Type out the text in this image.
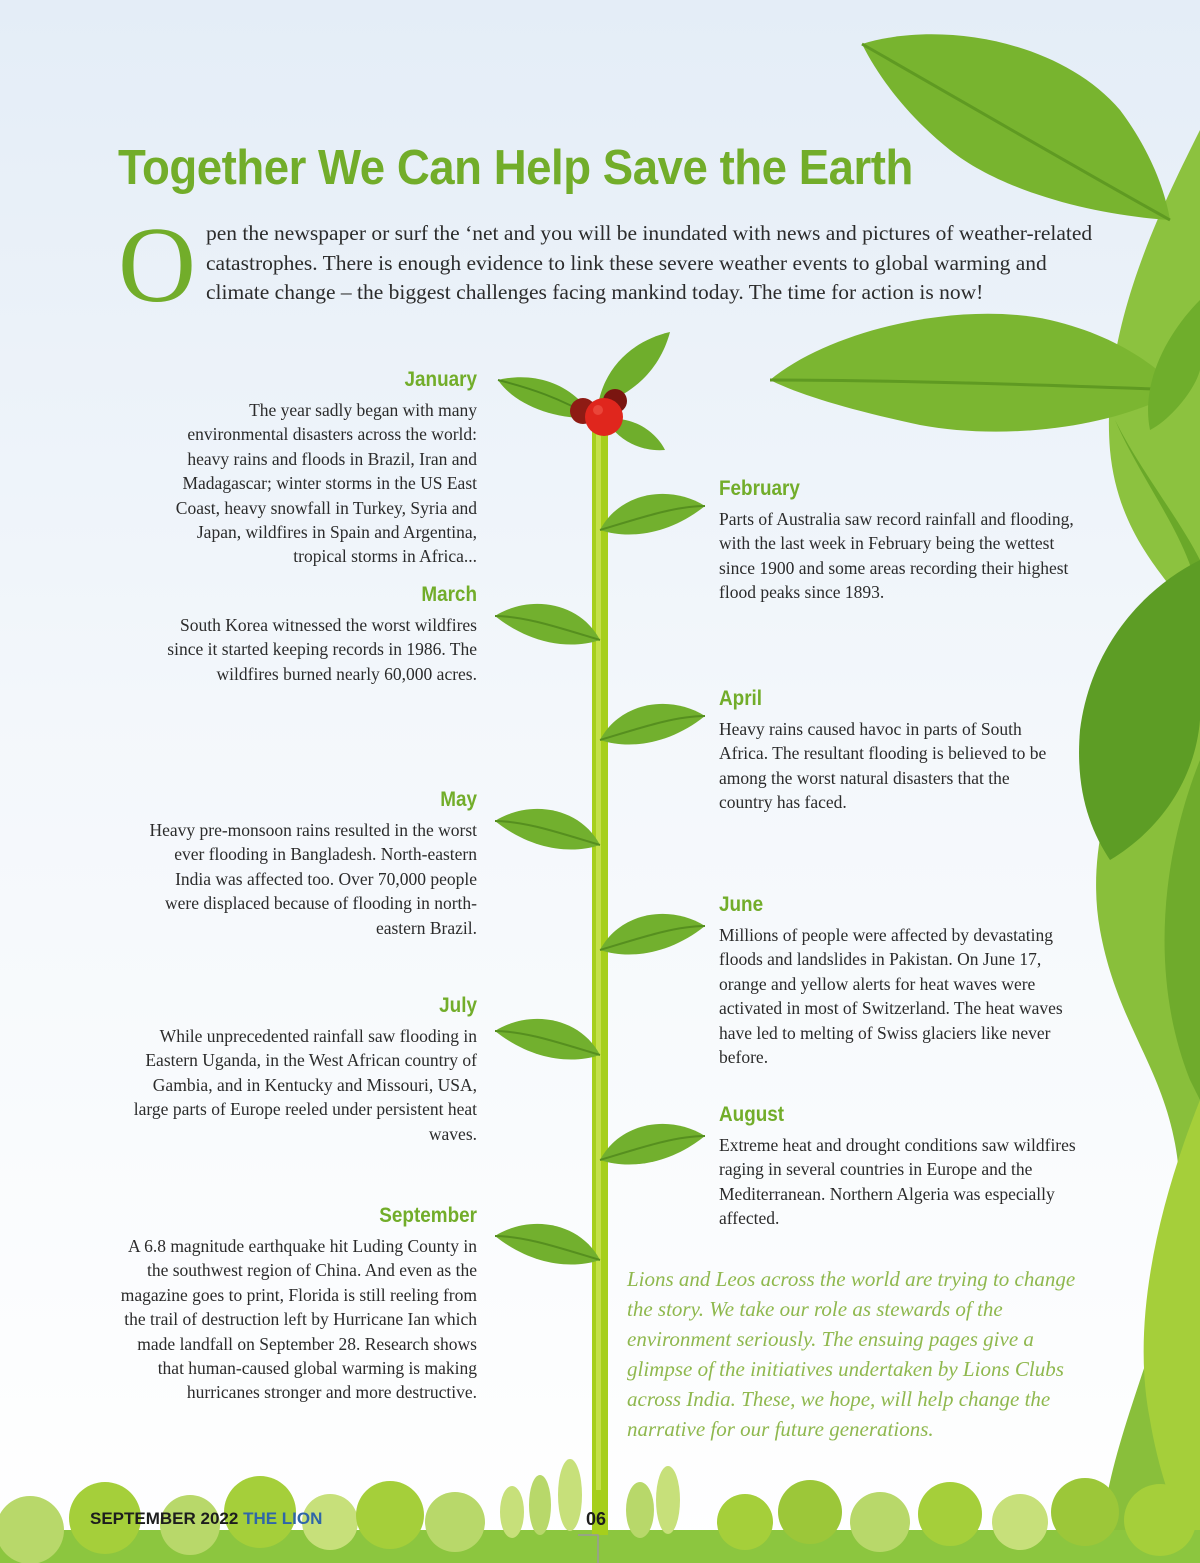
Together We Can Help Save the Earth
O pen the newspaper or surf the ‘net and you will be inundated with news and pictures of weather-related catastrophes. There is enough evidence to link these severe weather events to global warming and climate change – the biggest challenges facing mankind today. The time for action is now!
January
The year sadly began with many environmental disasters across the world: heavy rains and floods in Brazil, Iran and Madagascar; winter storms in the US East Coast, heavy snowfall in Turkey, Syria and Japan, wildfires in Spain and Argentina, tropical storms in Africa...
March
South Korea witnessed the worst wildfires since it started keeping records in 1986. The wildfires burned nearly 60,000 acres.
May
Heavy pre-monsoon rains resulted in the worst ever flooding in Bangladesh. North-eastern India was affected too. Over 70,000 people were displaced because of flooding in north-eastern Brazil.
July
While unprecedented rainfall saw flooding in Eastern Uganda, in the West African country of Gambia, and in Kentucky and Missouri, USA, large parts of Europe reeled under persistent heat waves.
September
A 6.8 magnitude earthquake hit Luding County in the southwest region of China. And even as the magazine goes to print, Florida is still reeling from the trail of destruction left by Hurricane Ian which made landfall on September 28. Research shows that human-caused global warming is making hurricanes stronger and more destructive.
February
Parts of Australia saw record rainfall and flooding, with the last week in February being the wettest since 1900 and some areas recording their highest flood peaks since 1893.
April
Heavy rains caused havoc in parts of South Africa. The resultant flooding is believed to be among the worst natural disasters that the country has faced.
June
Millions of people were affected by devastating floods and landslides in Pakistan. On June 17, orange and yellow alerts for heat waves were activated in most of Switzerland. The heat waves have led to melting of Swiss glaciers like never before.
August
Extreme heat and drought conditions saw wildfires raging in several countries in Europe and the Mediterranean. Northern Algeria was especially affected.
Lions and Leos across the world are trying to change the story. We take our role as stewards of the environment seriously. The ensuing pages give a glimpse of the initiatives undertaken by Lions Clubs across India. These, we hope, will help change the narrative for our future generations.
SEPTEMBER 2022 THE LION	06
